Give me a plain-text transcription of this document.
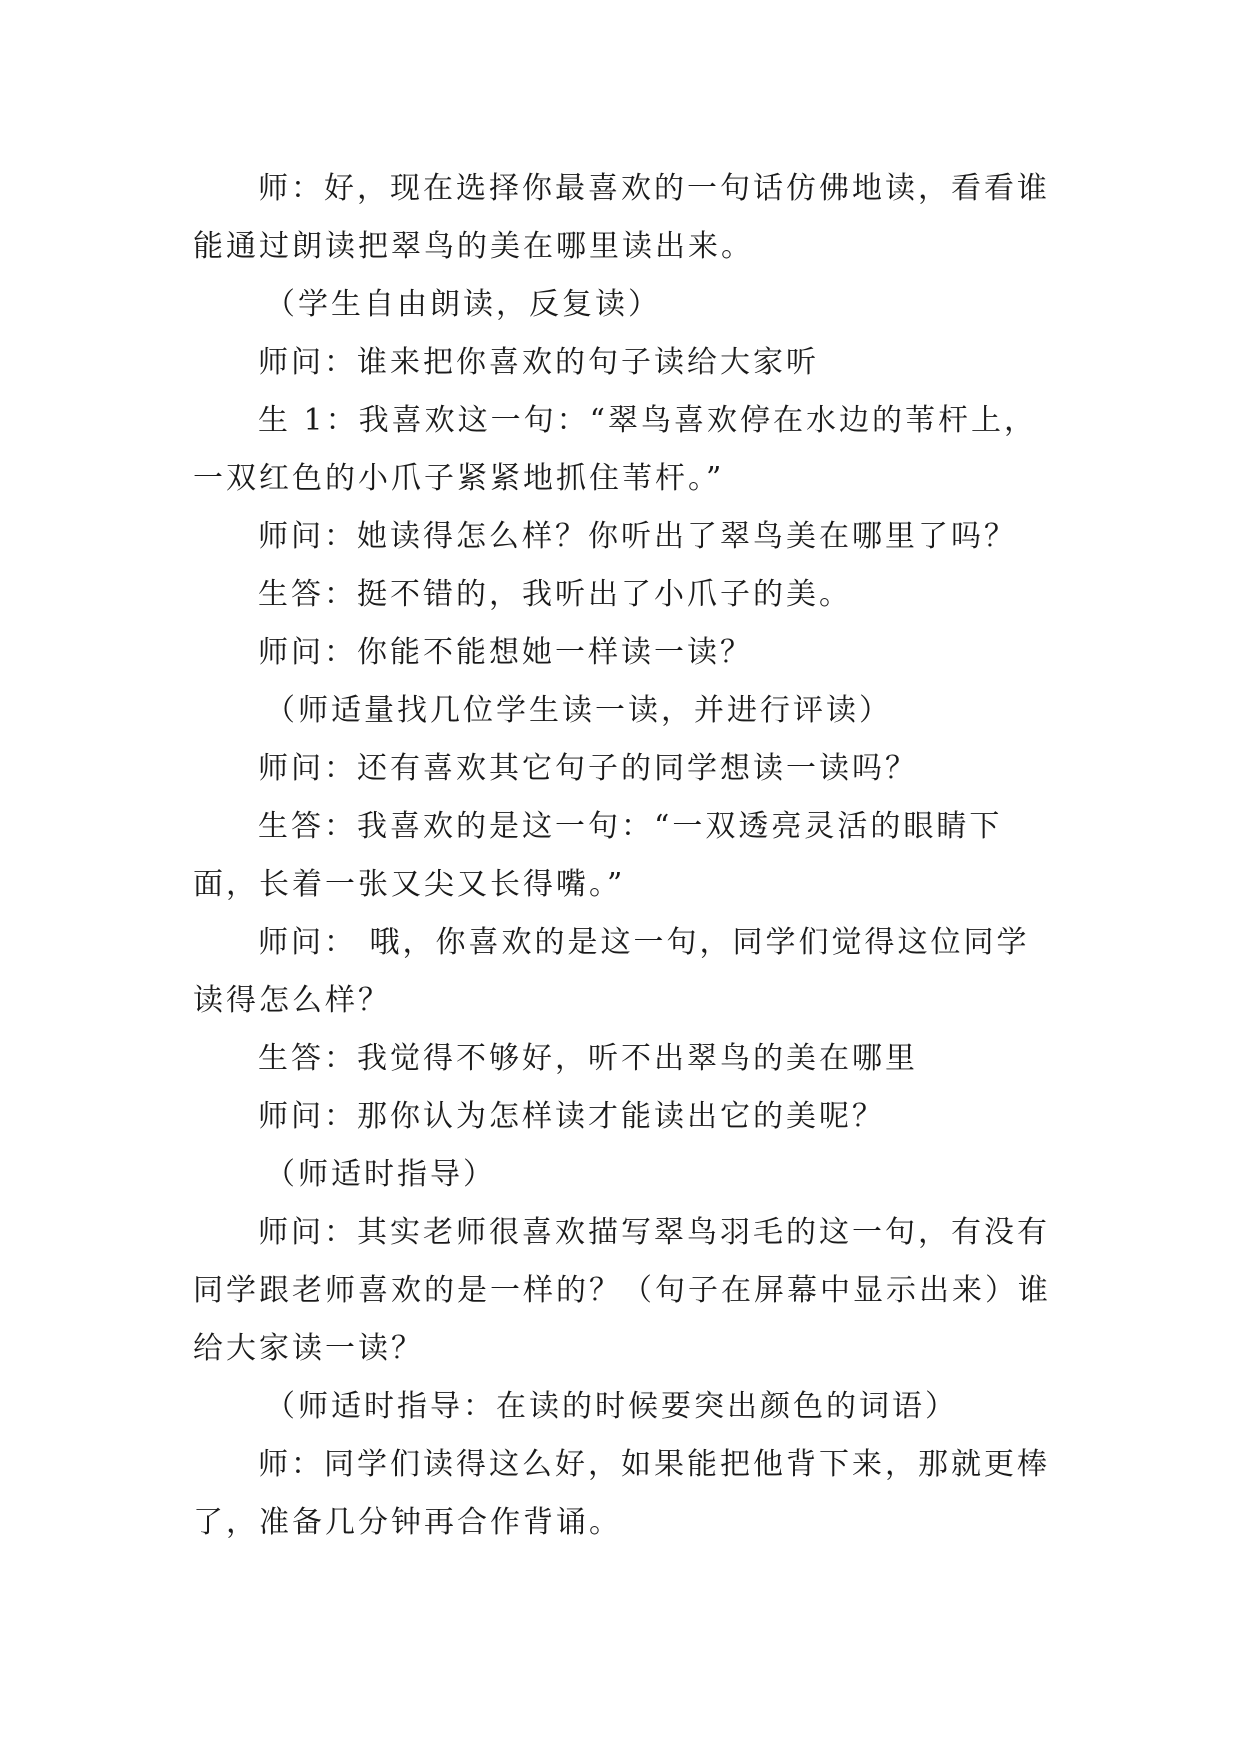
师：好，现在选择你最喜欢的一句话仿佛地读，看看谁能通过朗读把翠鸟的美在哪里读出来。

（学生自由朗读，反复读）

师问：谁来把你喜欢的句子读给大家听

生 1：我喜欢这一句：“翠鸟喜欢停在水边的苇杆上，一双红色的小爪子紧紧地抓住苇杆。”

师问：她读得怎么样？你听出了翠鸟美在哪里了吗？

生答：挺不错的，我听出了小爪子的美。

师问：你能不能想她一样读一读？

（师适量找几位学生读一读，并进行评读）

师问：还有喜欢其它句子的同学想读一读吗？

生答：我喜欢的是这一句：“一双透亮灵活的眼睛下面，长着一张又尖又长得嘴。”

师问： 哦，你喜欢的是这一句，同学们觉得这位同学读得怎么样？

生答：我觉得不够好，听不出翠鸟的美在哪里

师问：那你认为怎样读才能读出它的美呢？

（师适时指导）

师问：其实老师很喜欢描写翠鸟羽毛的这一句，有没有同学跟老师喜欢的是一样的？（句子在屏幕中显示出来）谁给大家读一读？

（师适时指导：在读的时候要突出颜色的词语）

师：同学们读得这么好，如果能把他背下来，那就更棒了，准备几分钟再合作背诵。
